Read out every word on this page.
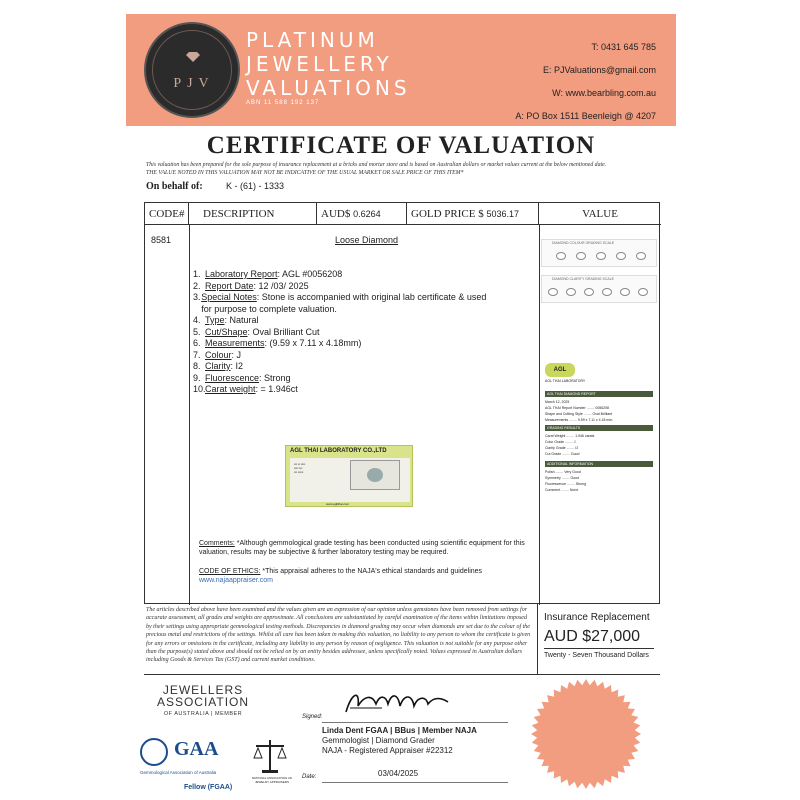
PJV
PLATINUM
JEWELLERY
VALUATIONS
ABN 11 588 192 137
T: 0431 645 785
E: PJValuations@gmail.com
W: www.bearbling.com.au
A: PO Box 1511 Beenleigh @ 4207
CERTIFICATE OF VALUATION
This valuation has been prepared for the sole purpose of insurance replacement at a bricks and mortar store and is based on Australian dollars or market values current at the below mentioned date.
THE VALUE NOTED IN THIS VALUATION MAY NOT BE INDICATIVE OF THE USUAL MARKET OR SALE PRICE OF THIS ITEM*
On behalf of:	K - (61) - 1333
CODE#	DESCRIPTION	AUD$ 0.6264	GOLD PRICE $ 5036.17	VALUE
8581	Loose Diamond
1. Laboratory Report: AGL #0056208
2. Report Date: 12 /03/ 2025
3. Special Notes: Stone is accompanied with original lab certificate & used for purpose to complete valuation.
4. Type: Natural
5. Cut/Shape: Oval Brilliant Cut
6. Measurements: (9.59 x 7.11 x 4.18mm)
7. Colour: J
8. Clarity: I2
9. Fluorescence: Strong
10. Carat weight: = 1.946ct
AGL THAI LABORATORY CO.,LTD
▪▪▪ ▪▪ ▪▪▪▪
▪▪▪▪ ▪▪▪
▪▪▪ ▪▪▪▪▪
www.agllthai.com
Comments: *Although gemmological grade testing has been conducted using scientific equipment for this valuation, results may be subjective & further laboratory testing may be required.
CODE OF ETHICS: *This appraisal adheres to the NAJA's ethical standards and guidelines
www.najaappraiser.com
DIAMOND COLOUR GRADING SCALE
DIAMOND CLARITY GRADING SCALE
AGL
AGL THAI LABORATORY
AGL THAI DIAMOND REPORT
March 12, 2025
AGL THAI Report Number ........ 0056208
Shape and Cutting Style ........ Oval Brilliant
Measurements ........ 9.59 x 7.11 x 4.18 mm.
GRADING RESULTS
Carat Weight ........ 1.946 carats
Color Grade ........ J
Clarity Grade ........ I2
Cut Grade ........ Good
ADDITIONAL INFORMATION
Polish ........ Very Good
Symmetry ........ Good
Fluorescence ........ Strong
Comment ........ None
The articles described above have been examined and the values given are an expression of our opinion unless gemstones have been removed from settings for accurate assessment, all grades and weights are approximate. All conclusions are substantiated by careful examination of the items within limitations imposed by their settings using appropriate gemmological testing methods. Discrepancies in diamond grading may occur when diamonds are set due to the colour of the precious metal and restrictions of the settings. Whilst all care has been taken in making this valuation, no liability to any person to whom the certificate is given for any errors or omissions in the certificate, including any liability to any person by reason of negligence. This valuation is not suitable for any purpose other than the purpose(s) stated above and should not be relied on by an entity besides addressee, unless specifically noted. Values expressed in Australian dollars including Goods & Services Tax (GST) and current market conditions.
Insurance Replacement
AUD $27,000
Twenty - Seven Thousand Dollars
JEWELLERS
ASSOCIATION
OF AUSTRALIA | MEMBER
GAA
Gemmological Association of Australia
Fellow (FGAA)
NATIONAL ASSOCIATION OF JEWELRY APPRAISERS
Signed:
Linda Dent FGAA | BBus | Member NAJA
Gemmologist | Diamond Grader
NAJA - Registered Appraiser #22312
Date:	03/04/2025
